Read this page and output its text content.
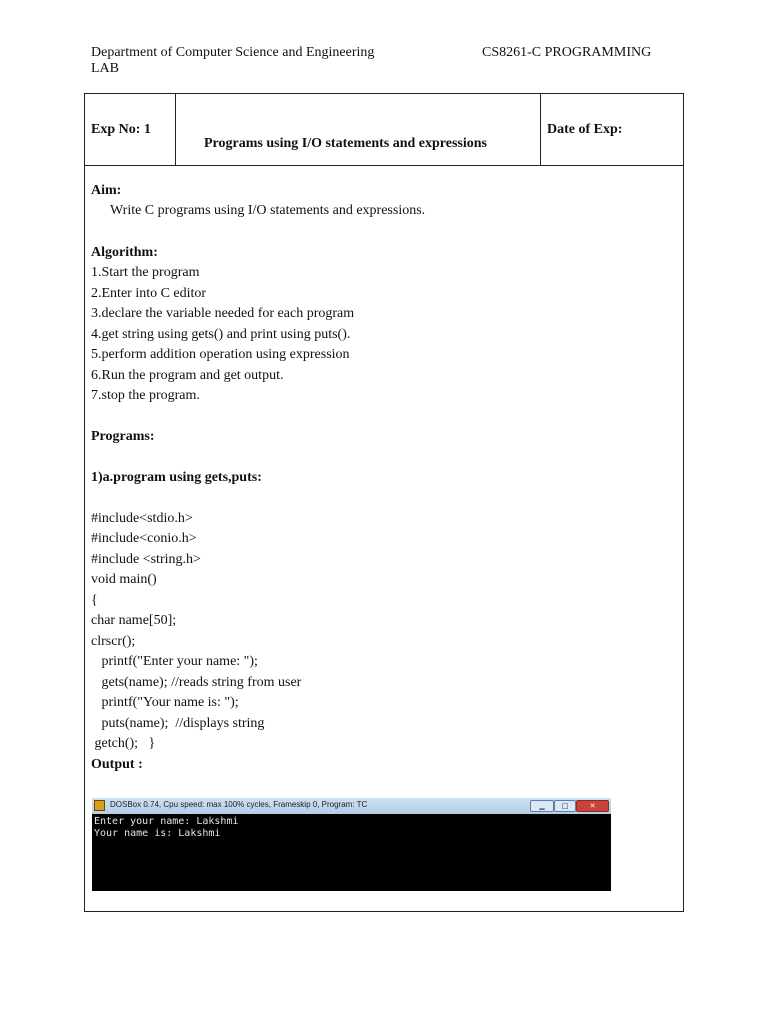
Department of Computer Science and Engineering LAB
CS8261-C PROGRAMMING
Exp No: 1
Programs using I/O statements and expressions
Date of Exp:
Aim:
Write C programs using I/O statements and expressions.
Algorithm:
1.Start the program
2.Enter into C editor
3.declare the variable needed for each program
4.get string using gets() and print using puts().
5.perform addition operation using expression
6.Run the program and get output.
7.stop the program.
Programs:
1)a.program using gets,puts:
#include<stdio.h>
#include<conio.h>
#include <string.h>
void main()
{
char name[50];
clrscr();
printf("Enter your name: ");
gets(name); //reads string from user
printf("Your name is: ");
puts(name);  //displays string
getch();   }
Output :
DOSBox 0.74, Cpu speed: max 100% cycles, Frameskip 0, Program: TC	▁	□	✕
Enter your name: Lakshmi
Your name is: Lakshmi
